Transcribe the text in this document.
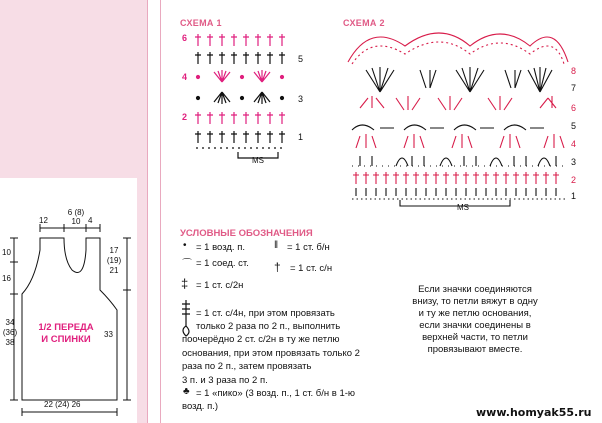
12
6 (8) 10 4
10
16
34 (36) 38
17 (19) 21
33
22 (24) 26
1/2 ПЕРЕДА И СПИНКИ
СХЕМА 1
6
4
2
5
3
1
MS
СХЕМА 2
8
7
6
5
4
3
2
1
MS
УСЛОВНЫЕ ОБОЗНАЧЕНИЯ
• = 1 возд. п.
⌒ = 1 соед. ст.
‖ = 1 ст. б/н
† = 1 ст. с/н
‡ = 1 ст. с/2н
= 1 ст. с/4н, при этом провязать
только 2 раза по 2 п., выполнить
поочерёдно 2 ст. с/2н в ту же петлю
основания, при этом провязать только 2
раза по 2 п., затем провязать
3 п. и 3 раза по 2 п.
♣ = 1 «пико» (3 возд. п., 1 ст. б/н в 1-ю
возд. п.)
Если значки соединяются
внизу, то петли вяжут в одну
и ту же петлю основания,
если значки соединены в
верхней части, то петли
провязывают вместе.
www.homyak55.ru
